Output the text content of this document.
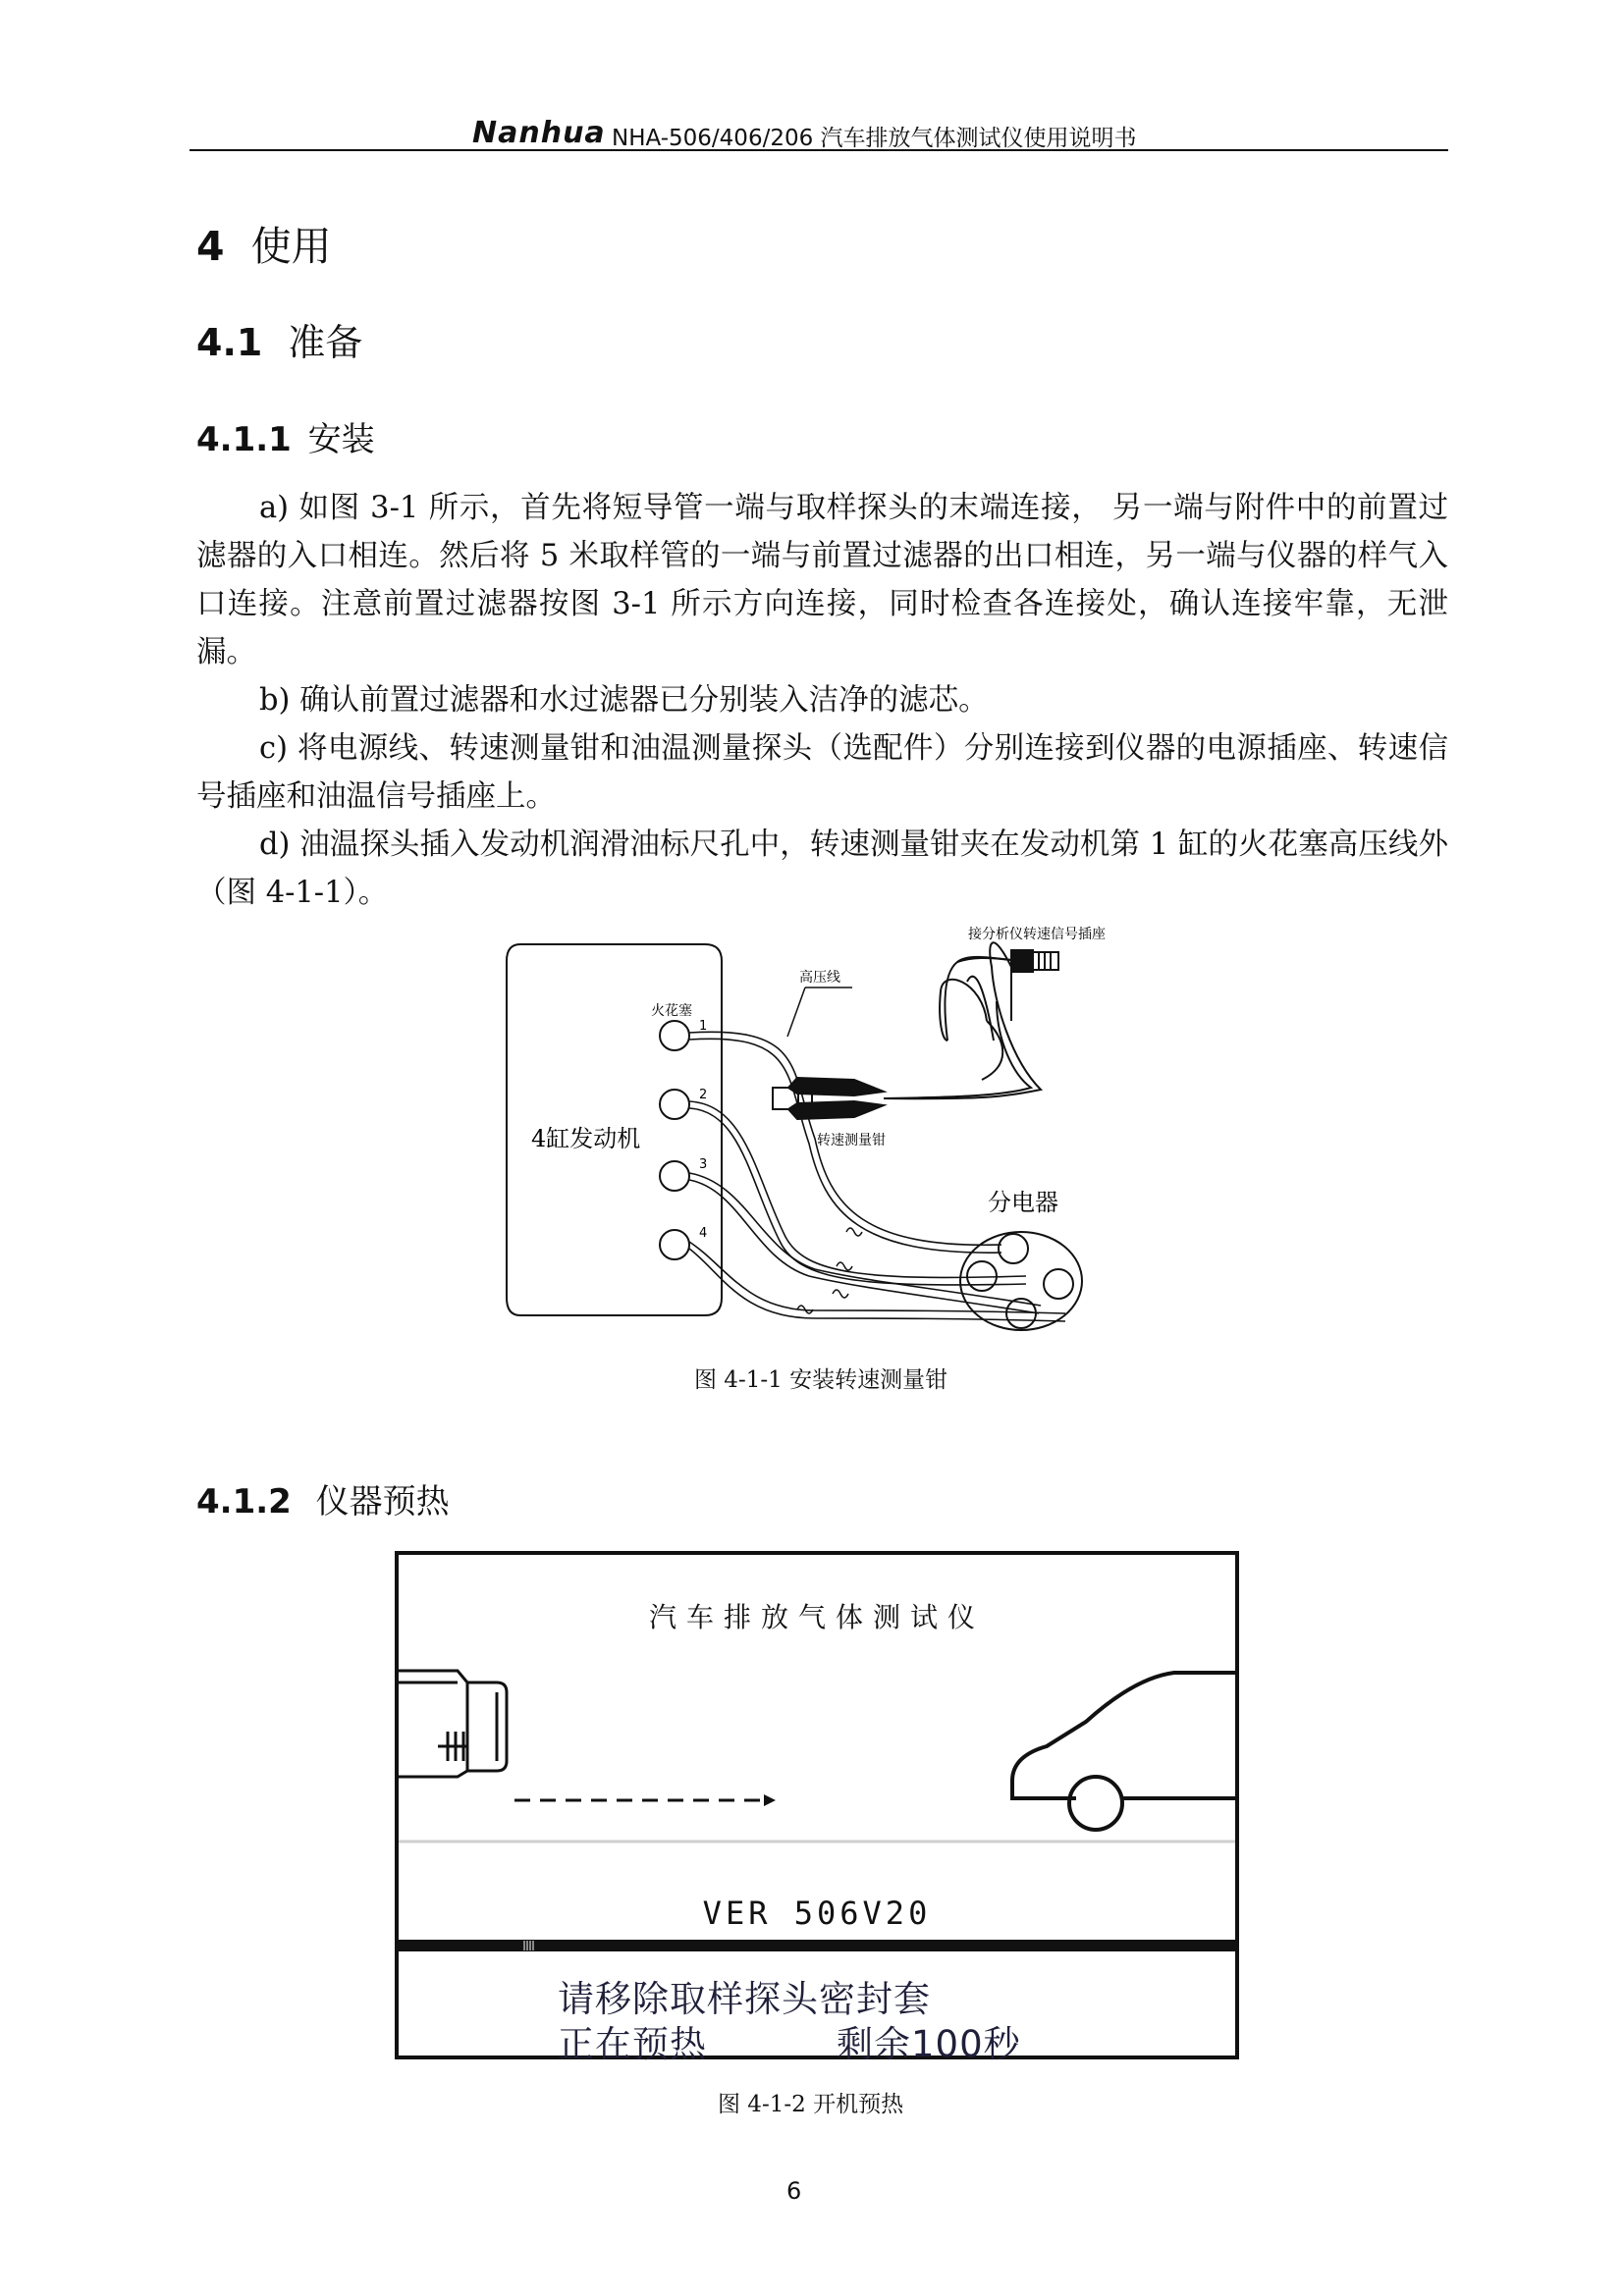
Nanhua NHA-506/406/206 汽车排放气体测试仪使用说明书
4 使用
4.1 准备
4.1.1 安装

a) 如图 3-1 所示，首先将短导管一端与取样探头的末端连接， 另一端与附件中的前置过滤器的入口相连。然后将 5 米取样管的一端与前置过滤器的出口相连，另一端与仪器的样气入口连接。注意前置过滤器按图 3-1 所示方向连接，同时检查各连接处，确认连接牢靠，无泄漏。

b) 确认前置过滤器和水过滤器已分别装入洁净的滤芯。

c) 将电源线、转速测量钳和油温测量探头（选配件）分别连接到仪器的电源插座、转速信号插座和油温信号插座上。

d) 油温探头插入发动机润滑油标尺孔中，转速测量钳夹在发动机第 1 缸的火花塞高压线外（图 4-1-1）。

4缸发动机
火花塞
高压线
转速测量钳
接分析仪转速信号插座
分电器
1
2
3
4
图 4-1-1 安装转速测量钳
4.1.2 仪器预热
汽车排放气体测试仪
VER 506V20
请移除取样探头密封套
正在预热	剩余100秒
图 4-1-2 开机预热
6
